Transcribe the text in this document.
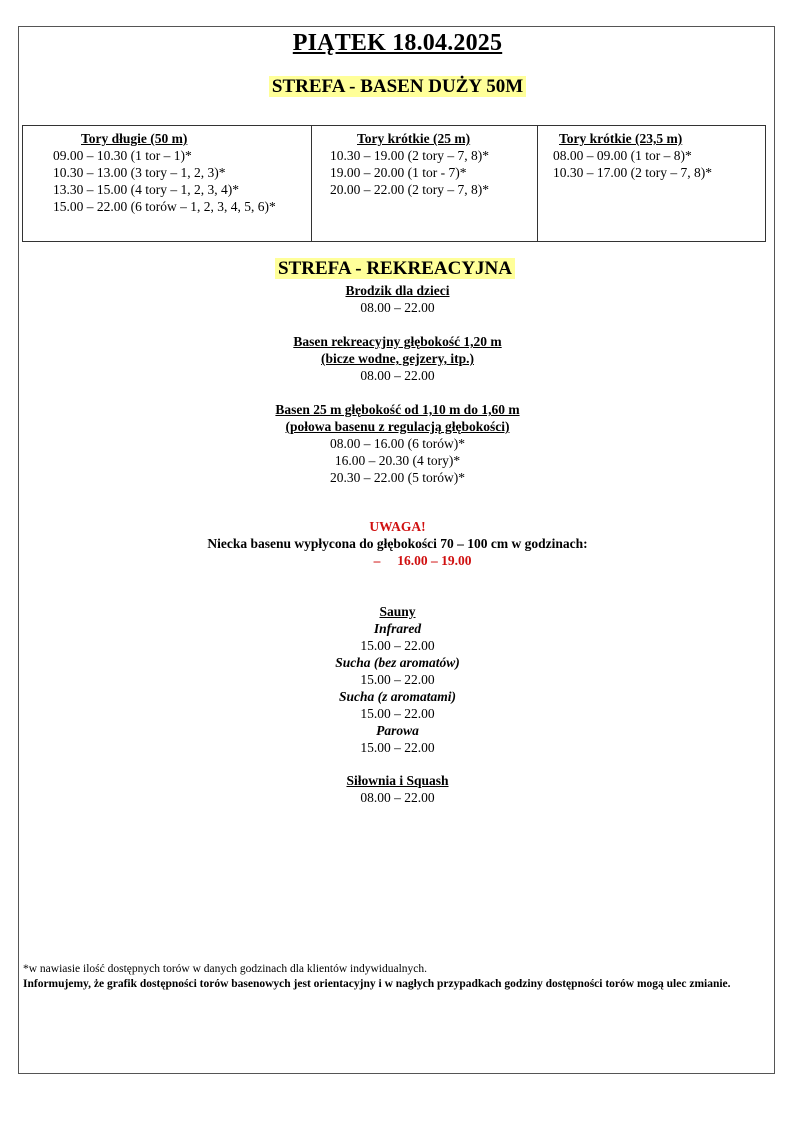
PIĄTEK 18.04.2025
STREFA - BASEN DUŻY 50M
Tory długie (50 m)
09.00 – 10.30 (1 tor – 1)*
10.30 – 13.00 (3 tory – 1, 2, 3)*
13.30 – 15.00 (4 tory – 1, 2, 3, 4)*
15.00 – 22.00 (6 torów – 1, 2, 3, 4, 5, 6)*
Tory krótkie (25 m)
10.30 – 19.00 (2 tory – 7, 8)*
19.00 – 20.00 (1 tor - 7)*
20.00 – 22.00 (2 tory – 7, 8)*
Tory krótkie (23,5 m)
08.00 – 09.00 (1 tor – 8)*
10.30 – 17.00 (2 tory – 7, 8)*
STREFA - REKREACYJNA
Brodzik dla dzieci
08.00 – 22.00
Basen rekreacyjny głębokość 1,20 m
(bicze wodne, gejzery, itp.)
08.00 – 22.00
Basen 25 m głębokość od 1,10 m do 1,60 m
(połowa basenu z regulacją głębokości)
08.00 – 16.00 (6 torów)*
16.00 – 20.30 (4 tory)*
20.30 – 22.00 (5 torów)*
UWAGA!
Niecka basenu wypłycona do głębokości 70 – 100 cm w godzinach:
– 16.00 – 19.00
Sauny
Infrared
15.00 – 22.00
Sucha (bez aromatów)
15.00 – 22.00
Sucha (z aromatami)
15.00 – 22.00
Parowa
15.00 – 22.00
Siłownia i Squash
08.00 – 22.00
*w nawiasie ilość dostępnych torów w danych godzinach dla klientów indywidualnych.
Informujemy, że grafik dostępności torów basenowych jest orientacyjny i w nagłych przypadkach godziny dostępności torów mogą ulec zmianie.
